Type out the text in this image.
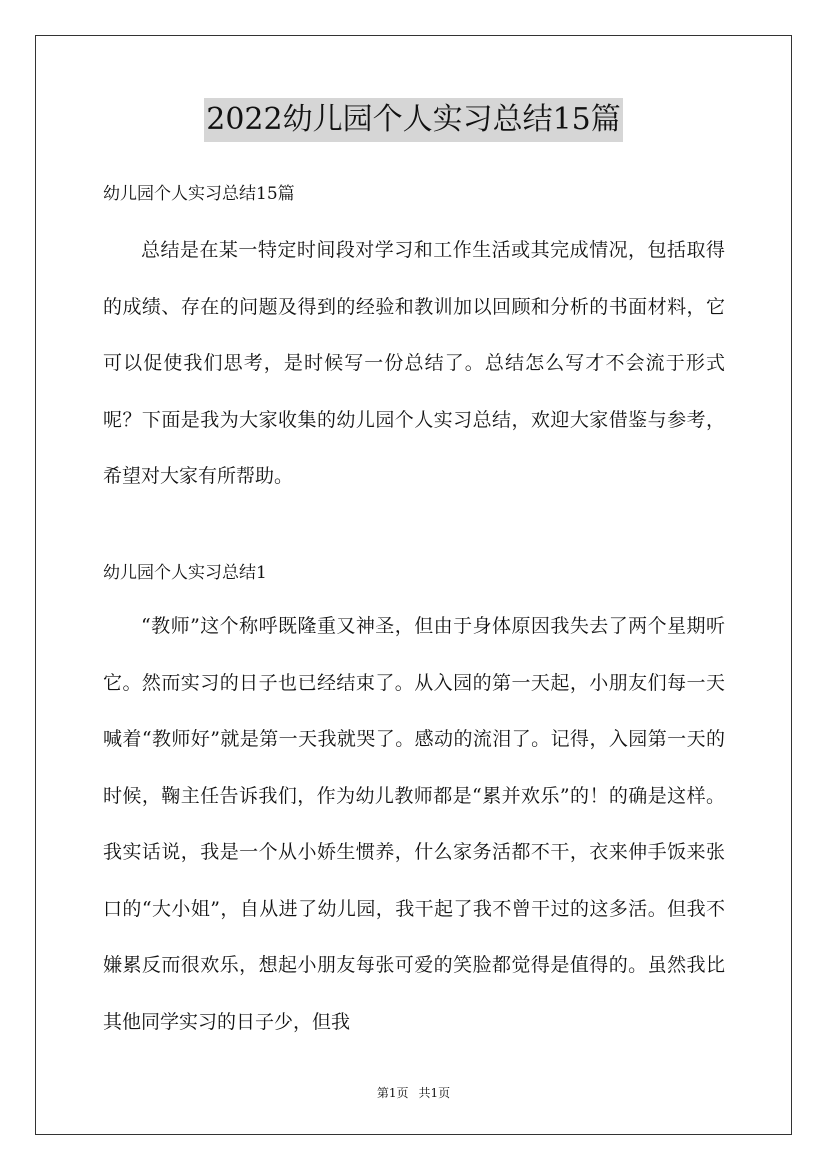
2022幼儿园个人实习总结15篇
幼儿园个人实习总结15篇

总结是在某一特定时间段对学习和工作生活或其完成情况，包括取得的成绩、存在的问题及得到的经验和教训加以回顾和分析的书面材料，它可以促使我们思考，是时候写一份总结了。总结怎么写才不会流于形式呢？下面是我为大家收集的幼儿园个人实习总结，欢迎大家借鉴与参考，希望对大家有所帮助。

幼儿园个人实习总结1

“教师”这个称呼既隆重又神圣，但由于身体原因我失去了两个星期听它。然而实习的日子也已经结束了。从入园的第一天起，小朋友们每一天喊着“教师好”就是第一天我就哭了。感动的流泪了。记得，入园第一天的时候，鞠主任告诉我们，作为幼儿教师都是“累并欢乐”的！的确是这样。我实话说，我是一个从小娇生惯养，什么家务活都不干，衣来伸手饭来张口的“大小姐”，自从进了幼儿园，我干起了我不曾干过的这多活。但我不嫌累反而很欢乐，想起小朋友每张可爱的笑脸都觉得是值得的。虽然我比其他同学实习的日子少，但我

第1页 共1页
